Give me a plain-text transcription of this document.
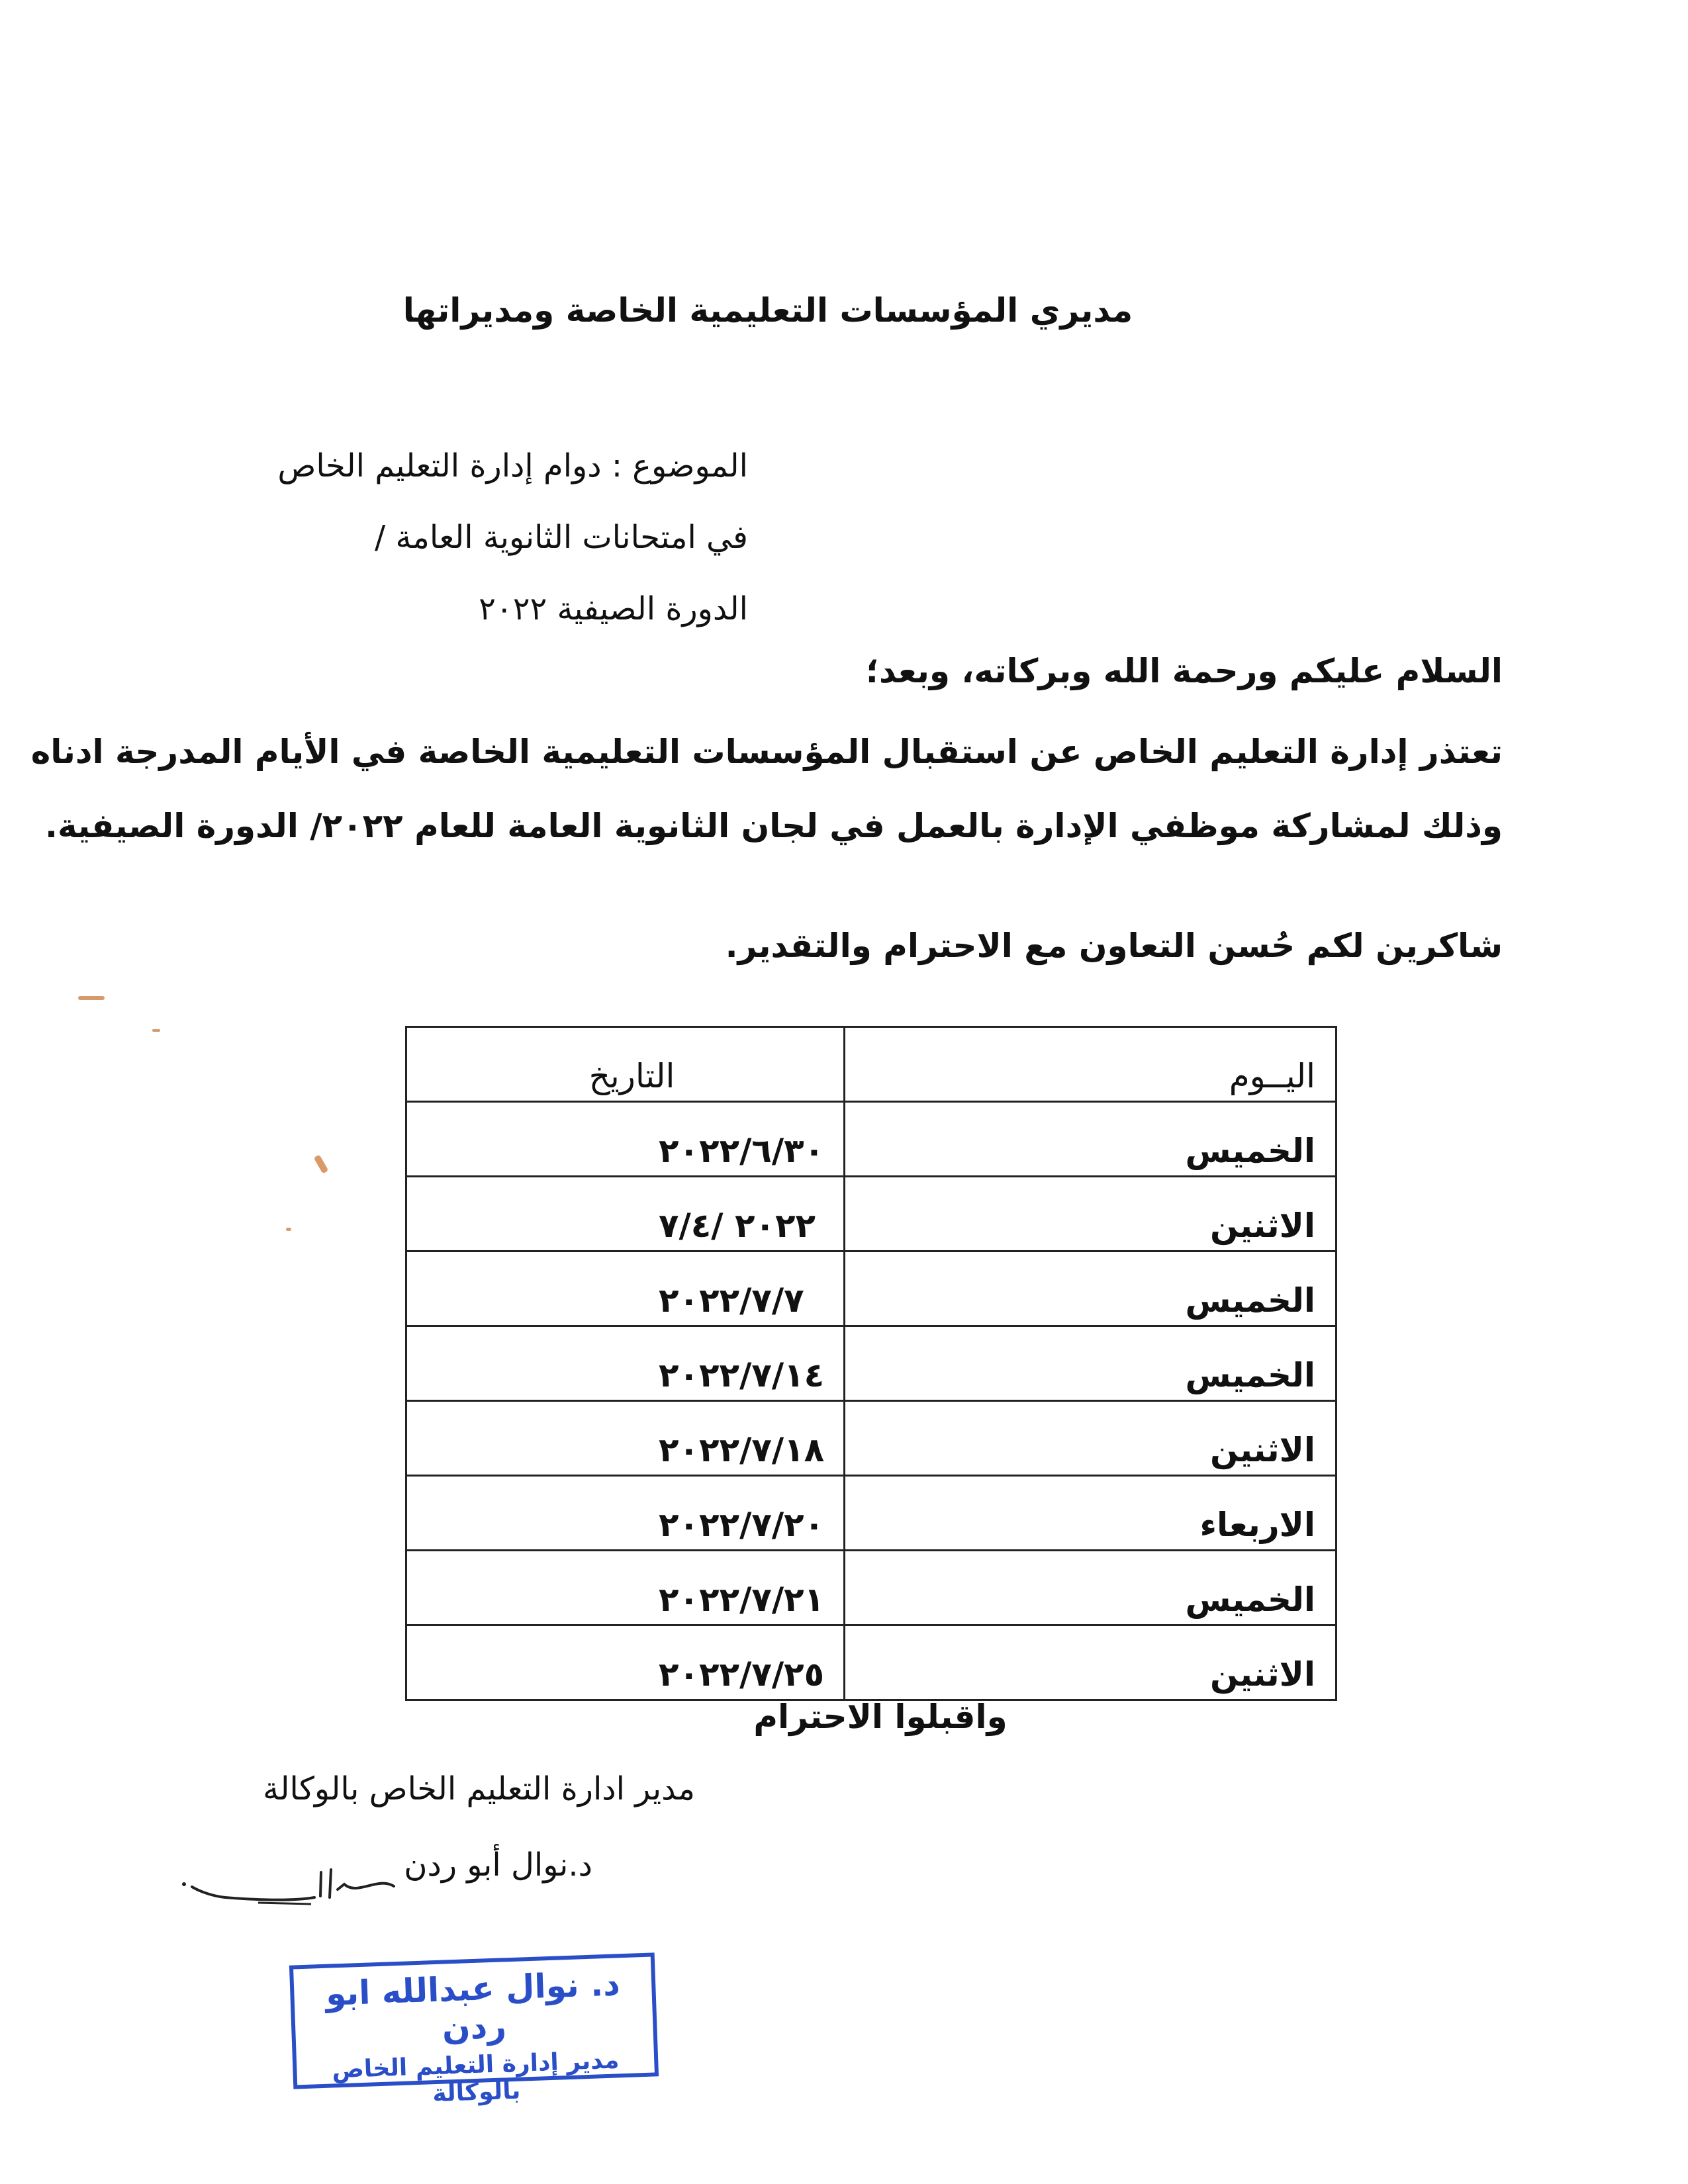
مديري المؤسسات التعليمية الخاصة ومديراتها
الموضوع : دوام إدارة التعليم الخاص
في امتحانات الثانوية العامة /
الدورة الصيفية ٢٠٢٢
السلام عليكم ورحمة الله وبركاته، وبعد؛
تعتذر إدارة التعليم الخاص عن استقبال المؤسسات التعليمية الخاصة في الأيام المدرجة ادناه
وذلك لمشاركة موظفي الإدارة بالعمل في لجان الثانوية العامة للعام ٢٠٢٢/ الدورة الصيفية.
شاكرين لكم حُسن التعاون مع الاحترام والتقدير.
اليــوم	التاريخ
الخميس	٢٠٢٢/٦/٣٠
الاثنين	٢٠٢٢ /٧/٤
الخميس	٢٠٢٢/٧/٧
الخميس	٢٠٢٢/٧/١٤
الاثنين	٢٠٢٢/٧/١٨
الاربعاء	٢٠٢٢/٧/٢٠
الخميس	٢٠٢٢/٧/٢١
الاثنين	٢٠٢٢/٧/٢٥
واقبلوا الاحترام
مدير ادارة التعليم الخاص بالوكالة
د.نوال أبو ردن
د. نوال عبدالله ابو ردن
مدير إدارة التعليم الخاص بالوكالة
